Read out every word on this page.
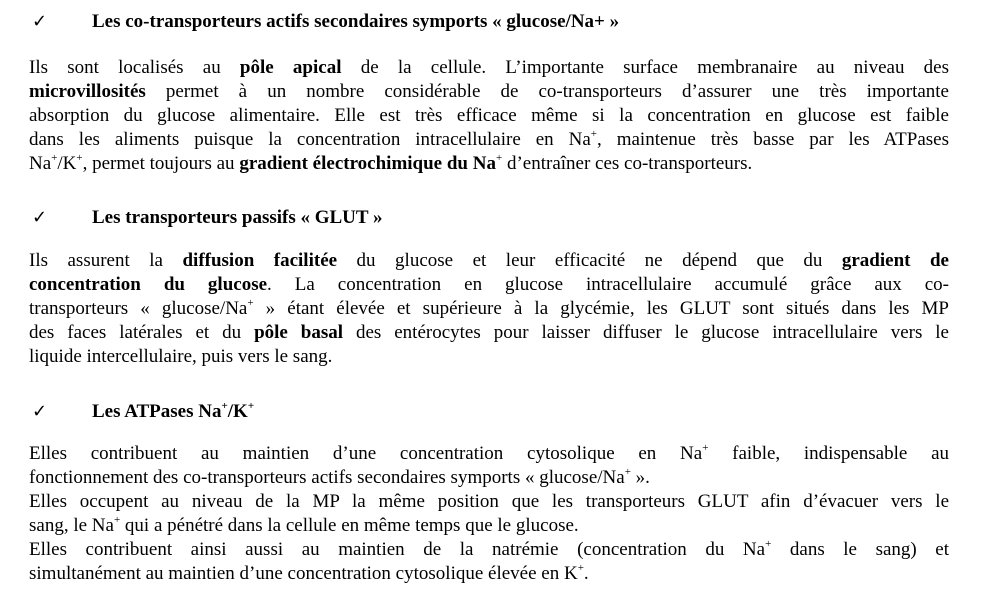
✓ Les co-transporteurs actifs secondaires symports « glucose/Na+ »
Ils sont localisés au pôle apical de la cellule. L’importante surface membranaire au niveau des
microvillosités permet à un nombre considérable de co-transporteurs d’assurer une très importante
absorption du glucose alimentaire. Elle est très efficace même si la concentration en glucose est faible
dans les aliments puisque la concentration intracellulaire en Na+, maintenue très basse par les ATPases
Na+/K+, permet toujours au gradient électrochimique du Na+ d’entraîner ces co-transporteurs.
✓ Les transporteurs passifs « GLUT »
Ils assurent la diffusion facilitée du glucose et leur efficacité ne dépend que du gradient de
concentration du glucose. La concentration en glucose intracellulaire accumulé grâce aux co-
transporteurs « glucose/Na+ » étant élevée et supérieure à la glycémie, les GLUT sont situés dans les MP
des faces latérales et du pôle basal des entérocytes pour laisser diffuser le glucose intracellulaire vers le
liquide intercellulaire, puis vers le sang.
✓ Les ATPases Na+/K+
Elles contribuent au maintien d’une concentration cytosolique en Na+ faible, indispensable au
fonctionnement des co-transporteurs actifs secondaires symports « glucose/Na+ ».
Elles occupent au niveau de la MP la même position que les transporteurs GLUT afin d’évacuer vers le
sang, le Na+ qui a pénétré dans la cellule en même temps que le glucose.
Elles contribuent ainsi aussi au maintien de la natrémie (concentration du Na+ dans le sang) et
simultanément au maintien d’une concentration cytosolique élevée en K+.
